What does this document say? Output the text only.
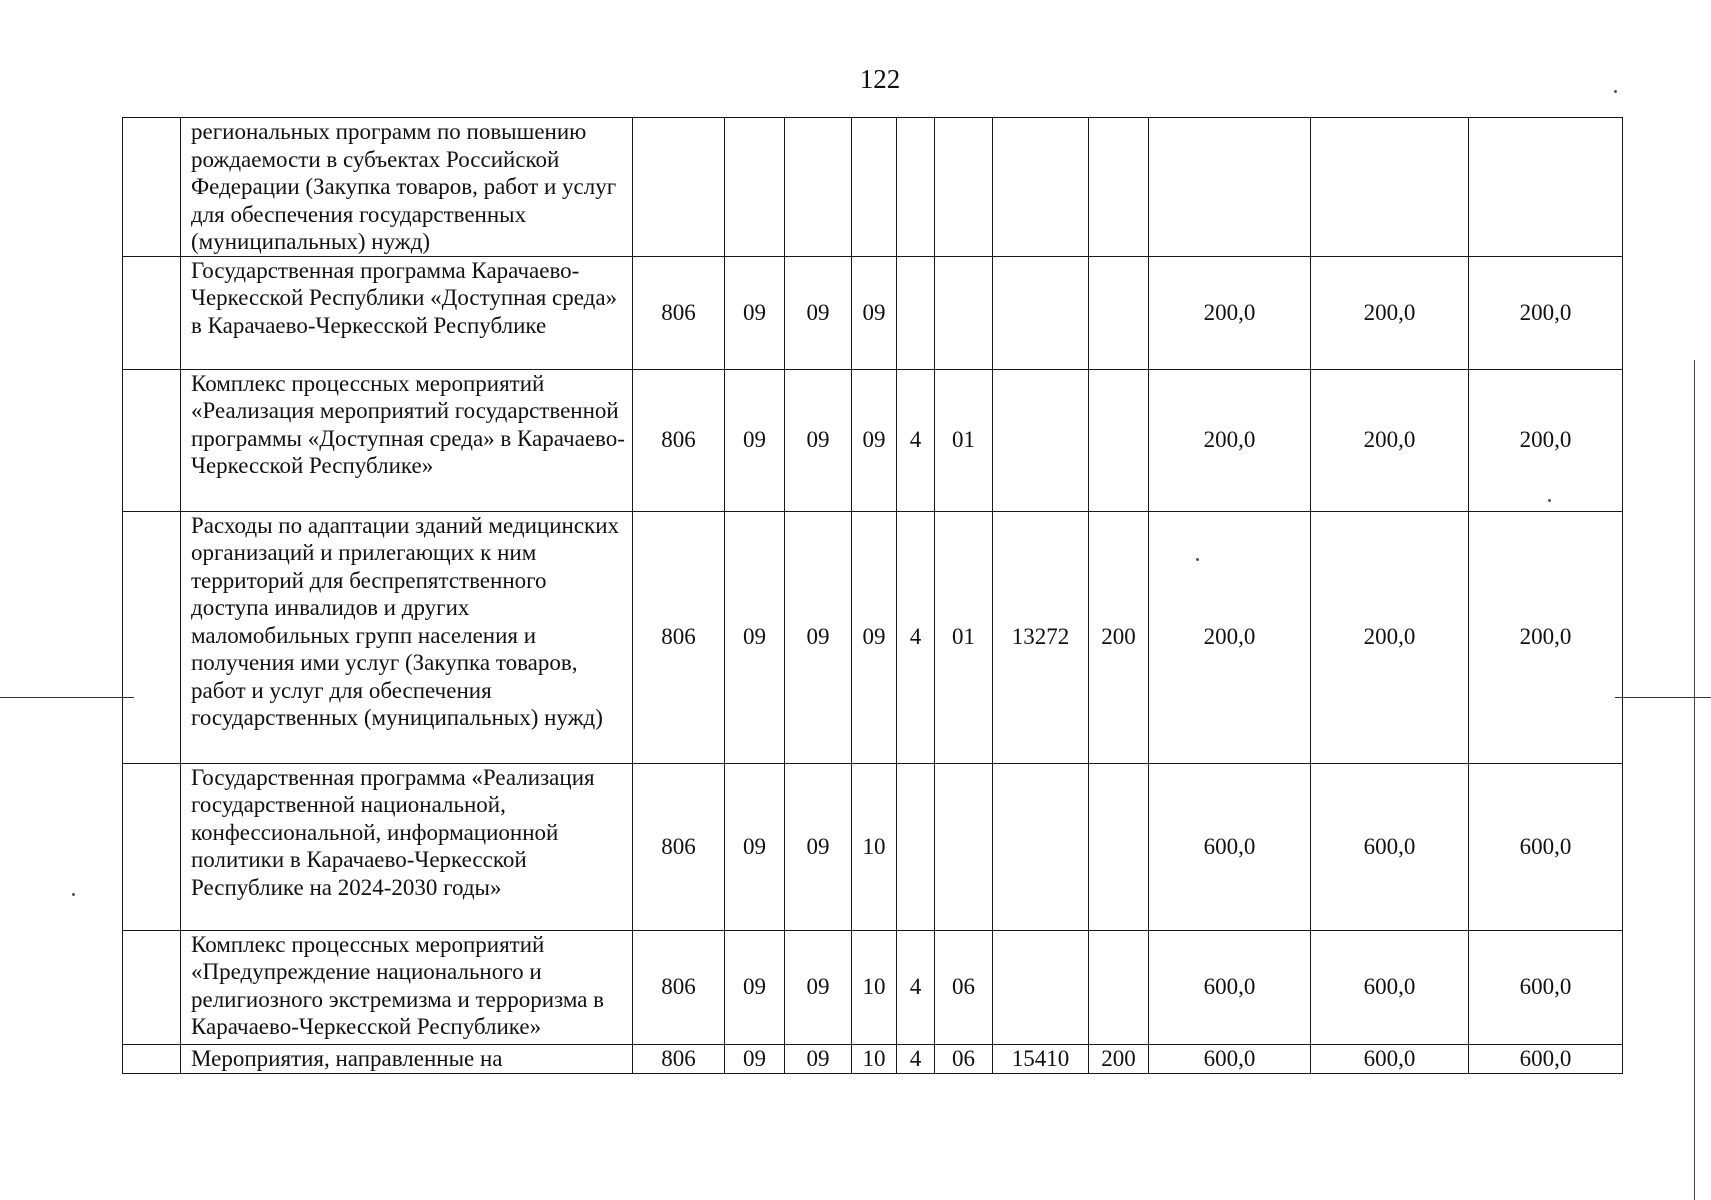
122
	региональных программ по повышению рождаемости в субъектах Российской Федерации (Закупка товаров, работ и услуг для обеспечения государственных (муниципальных) нужд)											
	Государственная программа Карачаево-Черкесской Республики «Доступная среда» в Карачаево-Черкесской Республике	806	09	09	09					200,0	200,0	200,0
	Комплекс процессных мероприятий «Реализация мероприятий государственной программы «Доступная среда» в Карачаево-Черкесской Республике»	806	09	09	09	4	01			200,0	200,0	200,0
	Расходы по адаптации зданий медицинских организаций и прилегающих к ним территорий для беспрепятственного доступа инвалидов и других маломобильных групп населения и получения ими услуг (Закупка товаров, работ и услуг для обеспечения государственных (муниципальных) нужд)	806	09	09	09	4	01	13272	200	200,0	200,0	200,0
	Государственная программа «Реализация государственной национальной, конфессиональной, информационной политики в Карачаево-Черкесской Республике на 2024-2030 годы»	806	09	09	10					600,0	600,0	600,0
	Комплекс процессных мероприятий «Предупреждение национального и религиозного экстремизма и терроризма в Карачаево-Черкесской Республике»	806	09	09	10	4	06			600,0	600,0	600,0
	Мероприятия, направленные на	806	09	09	10	4	06	15410	200	600,0	600,0	600,0
